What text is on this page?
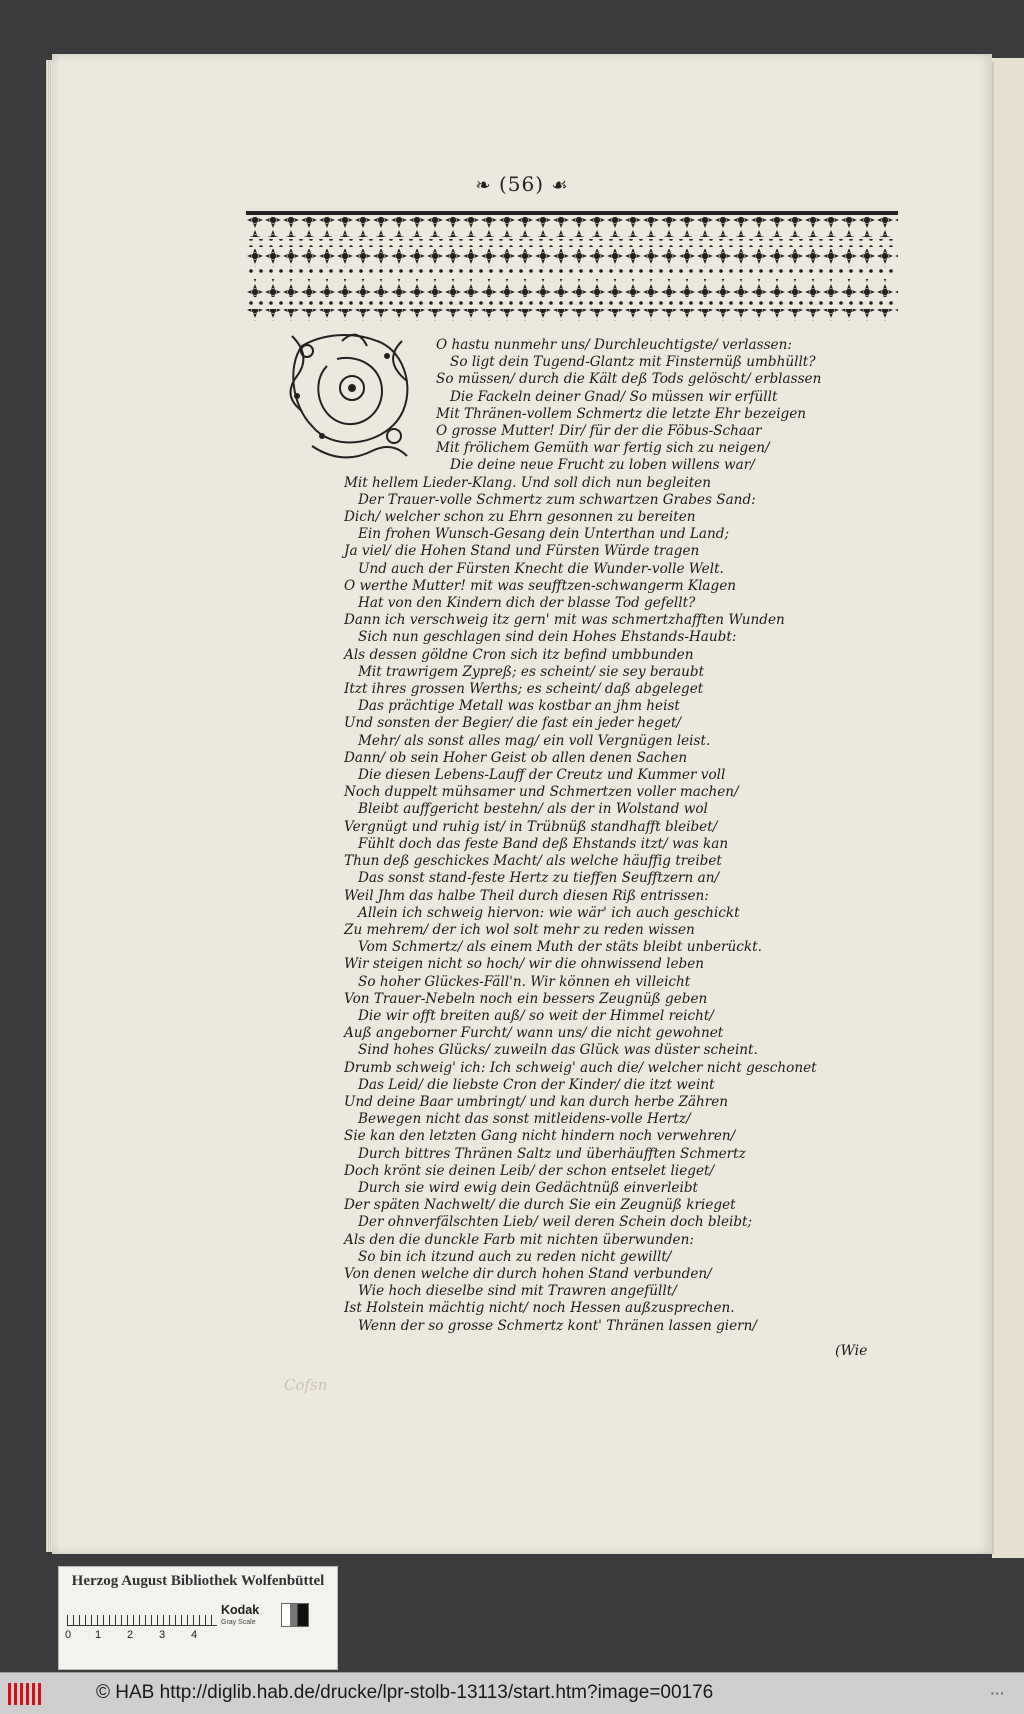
❧ (56) ☙
Cofsn
O hastu nunmehr uns/ Durchleuchtigste/ verlassen:
So ligt dein Tugend-Glantz mit Finsternüß umbhüllt?
So müssen/ durch die Kält deß Tods gelöscht/ erblassen
Die Fackeln deiner Gnad/ So müssen wir erfüllt
Mit Thränen-vollem Schmertz die letzte Ehr bezeigen
O grosse Mutter! Dir/ für der die Föbus-Schaar
Mit frölichem Gemüth war fertig sich zu neigen/
Die deine neue Frucht zu loben willens war/
Mit hellem Lieder-Klang. Und soll dich nun begleiten
Der Trauer-volle Schmertz zum schwartzen Grabes Sand:
Dich/ welcher schon zu Ehrn gesonnen zu bereiten
Ein frohen Wunsch-Gesang dein Unterthan und Land;
Ja viel/ die Hohen Stand und Fürsten Würde tragen
Und auch der Fürsten Knecht die Wunder-volle Welt.
O werthe Mutter! mit was seufftzen-schwangerm Klagen
Hat von den Kindern dich der blasse Tod gefellt?
Dann ich verschweig itz gern' mit was schmertzhafften Wunden
Sich nun geschlagen sind dein Hohes Ehstands-Haubt:
Als dessen göldne Cron sich itz befind umbbunden
Mit trawrigem Zypreß; es scheint/ sie sey beraubt
Itzt ihres grossen Werths; es scheint/ daß abgeleget
Das prächtige Metall was kostbar an jhm heist
Und sonsten der Begier/ die fast ein jeder heget/
Mehr/ als sonst alles mag/ ein voll Vergnügen leist.
Dann/ ob sein Hoher Geist ob allen denen Sachen
Die diesen Lebens-Lauff der Creutz und Kummer voll
Noch duppelt mühsamer und Schmertzen voller machen/
Bleibt auffgericht bestehn/ als der in Wolstand wol
Vergnügt und ruhig ist/ in Trübnüß standhafft bleibet/
Fühlt doch das feste Band deß Ehstands itzt/ was kan
Thun deß geschickes Macht/ als welche häuffig treibet
Das sonst stand-feste Hertz zu tieffen Seufftzern an/
Weil Jhm das halbe Theil durch diesen Riß entrissen:
Allein ich schweig hiervon: wie wär' ich auch geschickt
Zu mehrem/ der ich wol solt mehr zu reden wissen
Vom Schmertz/ als einem Muth der stäts bleibt unberückt.
Wir steigen nicht so hoch/ wir die ohnwissend leben
So hoher Glückes-Fäll'n. Wir können eh villeicht
Von Trauer-Nebeln noch ein bessers Zeugnüß geben
Die wir offt breiten auß/ so weit der Himmel reicht/
Auß angeborner Furcht/ wann uns/ die nicht gewohnet
Sind hohes Glücks/ zuweiln das Glück was düster scheint.
Drumb schweig' ich: Ich schweig' auch die/ welcher nicht geschonet
Das Leid/ die liebste Cron der Kinder/ die itzt weint
Und deine Baar umbringt/ und kan durch herbe Zähren
Bewegen nicht das sonst mitleidens-volle Hertz/
Sie kan den letzten Gang nicht hindern noch verwehren/
Durch bittres Thränen Saltz und überhäufften Schmertz
Doch krönt sie deinen Leib/ der schon entselet lieget/
Durch sie wird ewig dein Gedächtnüß einverleibt
Der späten Nachwelt/ die durch Sie ein Zeugnüß krieget
Der ohnverfälschten Lieb/ weil deren Schein doch bleibt;
Als den die dunckle Farb mit nichten überwunden:
So bin ich itzund auch zu reden nicht gewillt/
Von denen welche dir durch hohen Stand verbunden/
Wie hoch dieselbe sind mit Trawren angefüllt/
Ist Holstein mächtig nicht/ noch Hessen außzusprechen.
Wenn der so grosse Schmertz kont' Thränen lassen giern/
(Wie
Herzog August Bibliothek Wolfenbüttel
Kodak
Gray Scale
0 1 2 3 4
© HAB http://diglib.hab.de/drucke/lpr-stolb-13113/start.htm?image=00176	▪▪▪
